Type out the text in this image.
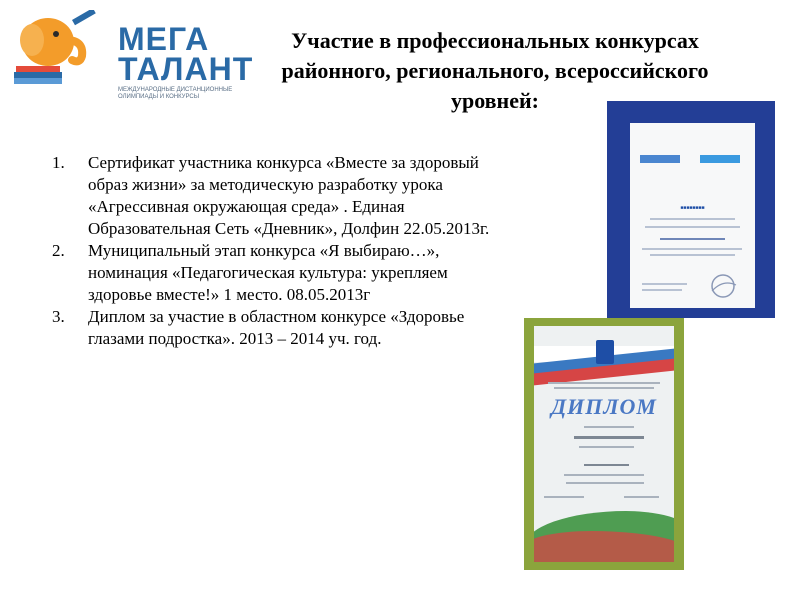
МЕГА
ТАЛАНТ
МЕЖДУНАРОДНЫЕ ДИСТАНЦИОННЫЕ ОЛИМПИАДЫ И КОНКУРСЫ
Участие в профессиональных конкурсах районного, регионального, всероссийского уровней:
1. Сертификат участника конкурса «Вместе за здоровый образ жизни» за методическую разработку урока «Агрессивная окружающая среда» . Единая Образовательная Сеть «Дневник», Долфин 22.05.2013г.
2. Муниципальный этап конкурса «Я выбираю…», номинация «Педагогическая культура: укрепляем здоровье вместе!» 1 место. 08.05.2013г
3. Диплом за участие в областном конкурсе «Здоровье глазами подростка». 2013 – 2014 уч. год.
■■■■■■■■
ДИПЛОМ
